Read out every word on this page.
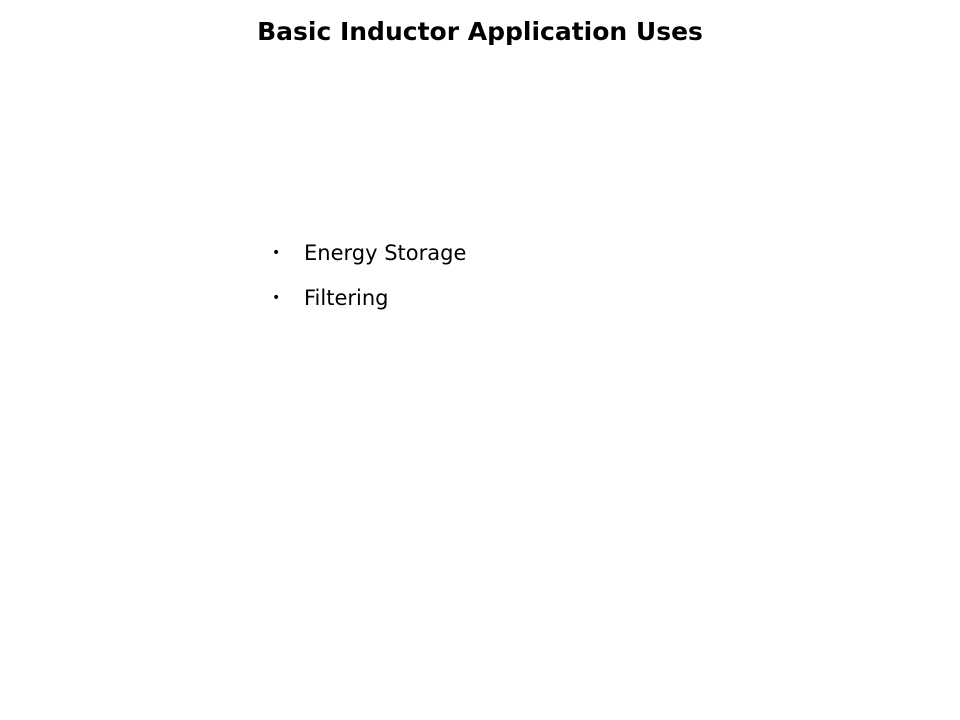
Basic Inductor Application Uses
•	Energy Storage
•	Filtering
